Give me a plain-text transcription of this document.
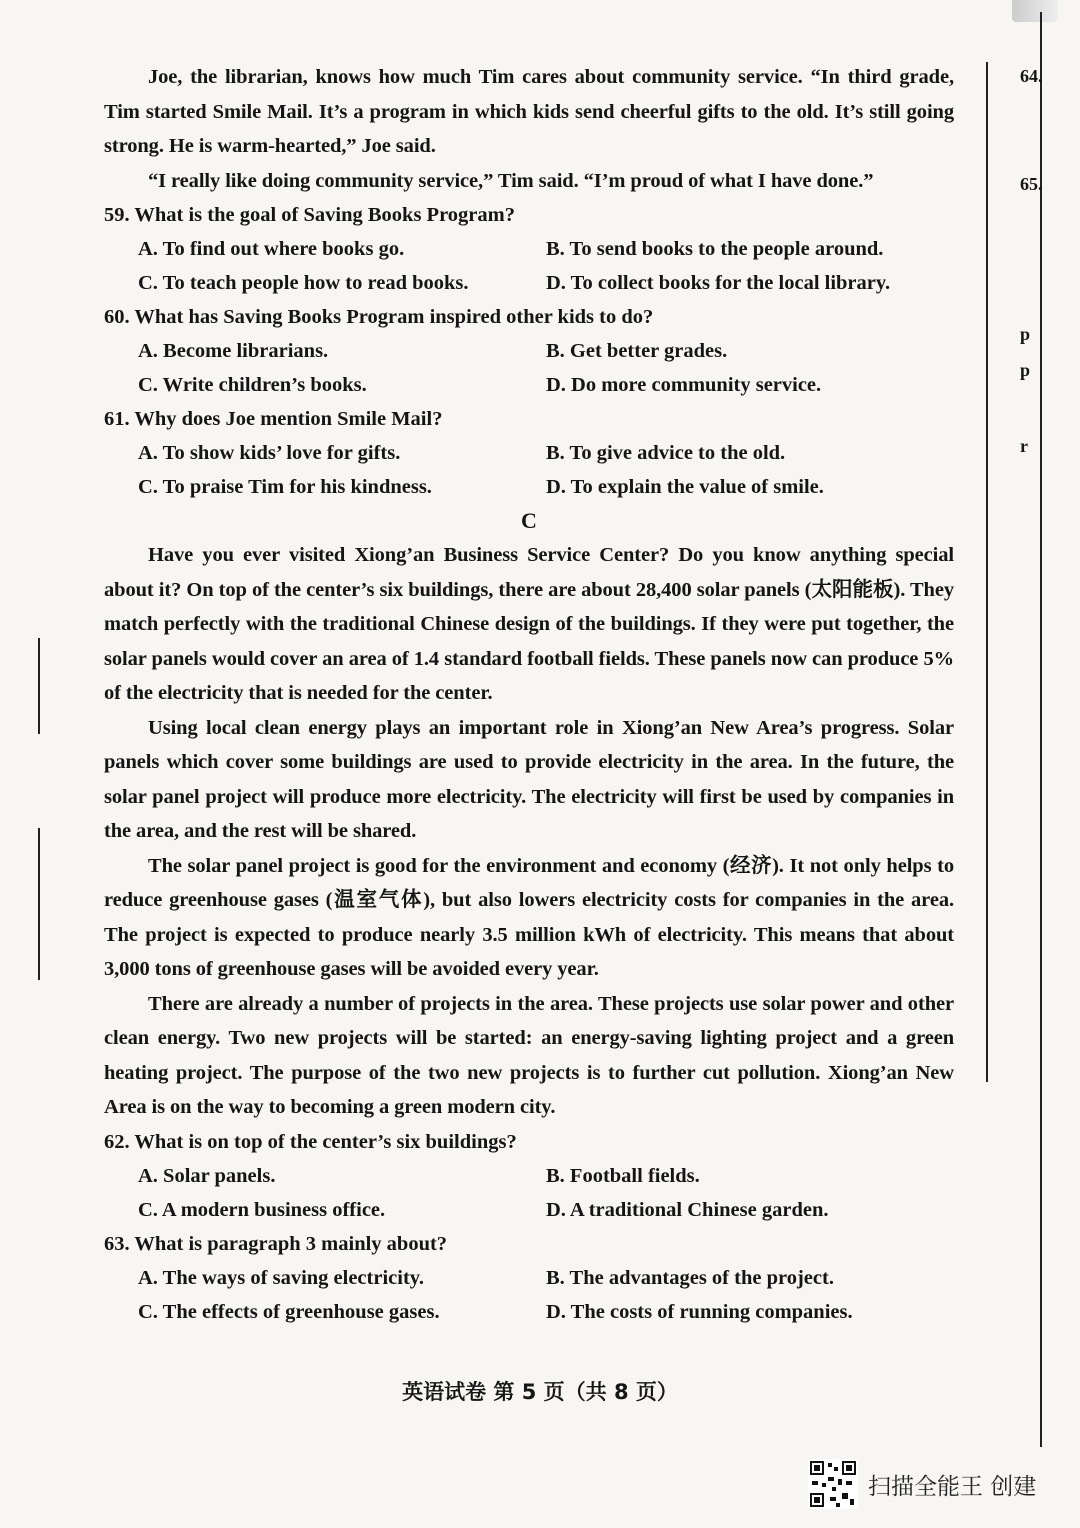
Joe, the librarian, knows how much Tim cares about community service. “In third grade, Tim started Smile Mail. It’s a program in which kids send cheerful gifts to the old. It’s still going strong. He is warm-hearted,” Joe said.

“I really like doing community service,” Tim said. “I’m proud of what I have done.”

59. What is the goal of Saving Books Program?

A. To find out where books go.	B. To send books to the people around.
C. To teach people how to read books.	D. To collect books for the local library.

60. What has Saving Books Program inspired other kids to do?

A. Become librarians.	B. Get better grades.
C. Write children’s books.	D. Do more community service.

61. Why does Joe mention Smile Mail?

A. To show kids’ love for gifts.	B. To give advice to the old.
C. To praise Tim for his kindness.	D. To explain the value of smile.

C

Have you ever visited Xiong’an Business Service Center? Do you know anything special about it? On top of the center’s six buildings, there are about 28,400 solar panels (太阳能板). They match perfectly with the traditional Chinese design of the buildings. If they were put together, the solar panels would cover an area of 1.4 standard football fields. These panels now can produce 5% of the electricity that is needed for the center.

Using local clean energy plays an important role in Xiong’an New Area’s progress. Solar panels which cover some buildings are used to provide electricity in the area. In the future, the solar panel project will produce more electricity. The electricity will first be used by companies in the area, and the rest will be shared.

The solar panel project is good for the environment and economy (经济). It not only helps to reduce greenhouse gases (温室气体), but also lowers electricity costs for companies in the area. The project is expected to produce nearly 3.5 million kWh of electricity. This means that about 3,000 tons of greenhouse gases will be avoided every year.

There are already a number of projects in the area. These projects use solar power and other clean energy. Two new projects will be started: an energy-saving lighting project and a green heating project. The purpose of the two new projects is to further cut pollution. Xiong’an New Area is on the way to becoming a green modern city.

62. What is on top of the center’s six buildings?

A. Solar panels.	B. Football fields.
C. A modern business office.	D. A traditional Chinese garden.

63. What is paragraph 3 mainly about?

A. The ways of saving electricity.	B. The advantages of the project.
C. The effects of greenhouse gases.	D. The costs of running companies.
英语试卷 第 5 页（共 8 页）
64.
65.
p
p
r
扫描全能王 创建
